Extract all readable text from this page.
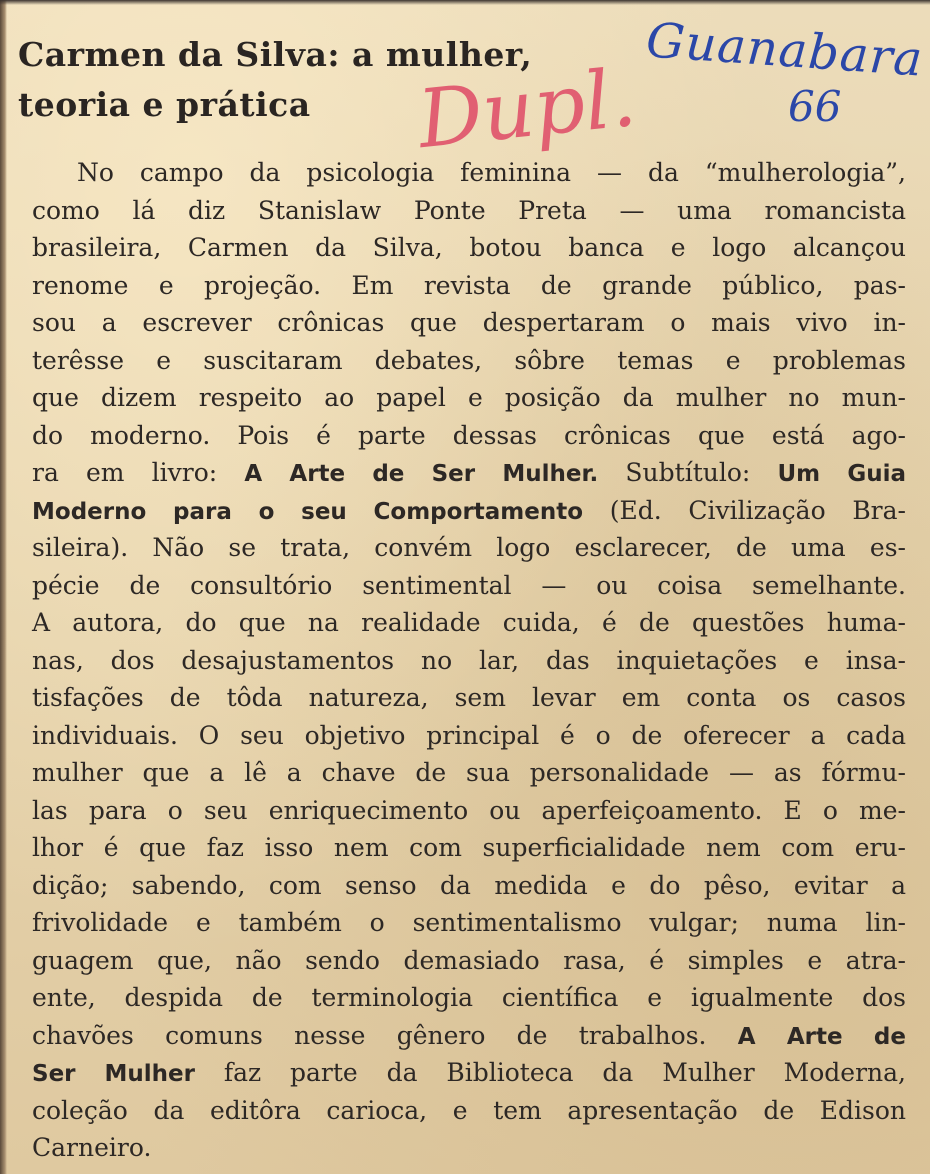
Carmen da Silva: a mulher,
teoria e prática	Dupl.

Guanabara

66

No campo da psicologia feminina — da “mulherologia”,
como lá diz Stanislaw Ponte Preta — uma romancista
brasileira, Carmen da Silva, botou banca e logo alcançou
renome e projeção. Em revista de grande público, pas-
sou a escrever crônicas que despertaram o mais vivo in-
terêsse e suscitaram debates, sôbre temas e problemas
que dizem respeito ao papel e posição da mulher no mun-
do moderno. Pois é parte dessas crônicas que está ago-
ra em livro: A Arte de Ser Mulher. Subtítulo: Um Guia
Moderno para o seu Comportamento (Ed. Civilização Bra-
sileira). Não se trata, convém logo esclarecer, de uma es-
pécie de consultório sentimental — ou coisa semelhante.
A autora, do que na realidade cuida, é de questões huma-
nas, dos desajustamentos no lar, das inquietações e insa-
tisfações de tôda natureza, sem levar em conta os casos
individuais. O seu objetivo principal é o de oferecer a cada
mulher que a lê a chave de sua personalidade — as fórmu-
las para o seu enriquecimento ou aperfeiçoamento. E o me-
lhor é que faz isso nem com superficialidade nem com eru-
dição; sabendo, com senso da medida e do pêso, evitar a
frivolidade e também o sentimentalismo vulgar; numa lin-
guagem que, não sendo demasiado rasa, é simples e atra-
ente, despida de terminologia científica e igualmente dos
chavões comuns nesse gênero de trabalhos. A Arte de
Ser Mulher faz parte da Biblioteca da Mulher Moderna,
coleção da editôra carioca, e tem apresentação de Edison
Carneiro.
